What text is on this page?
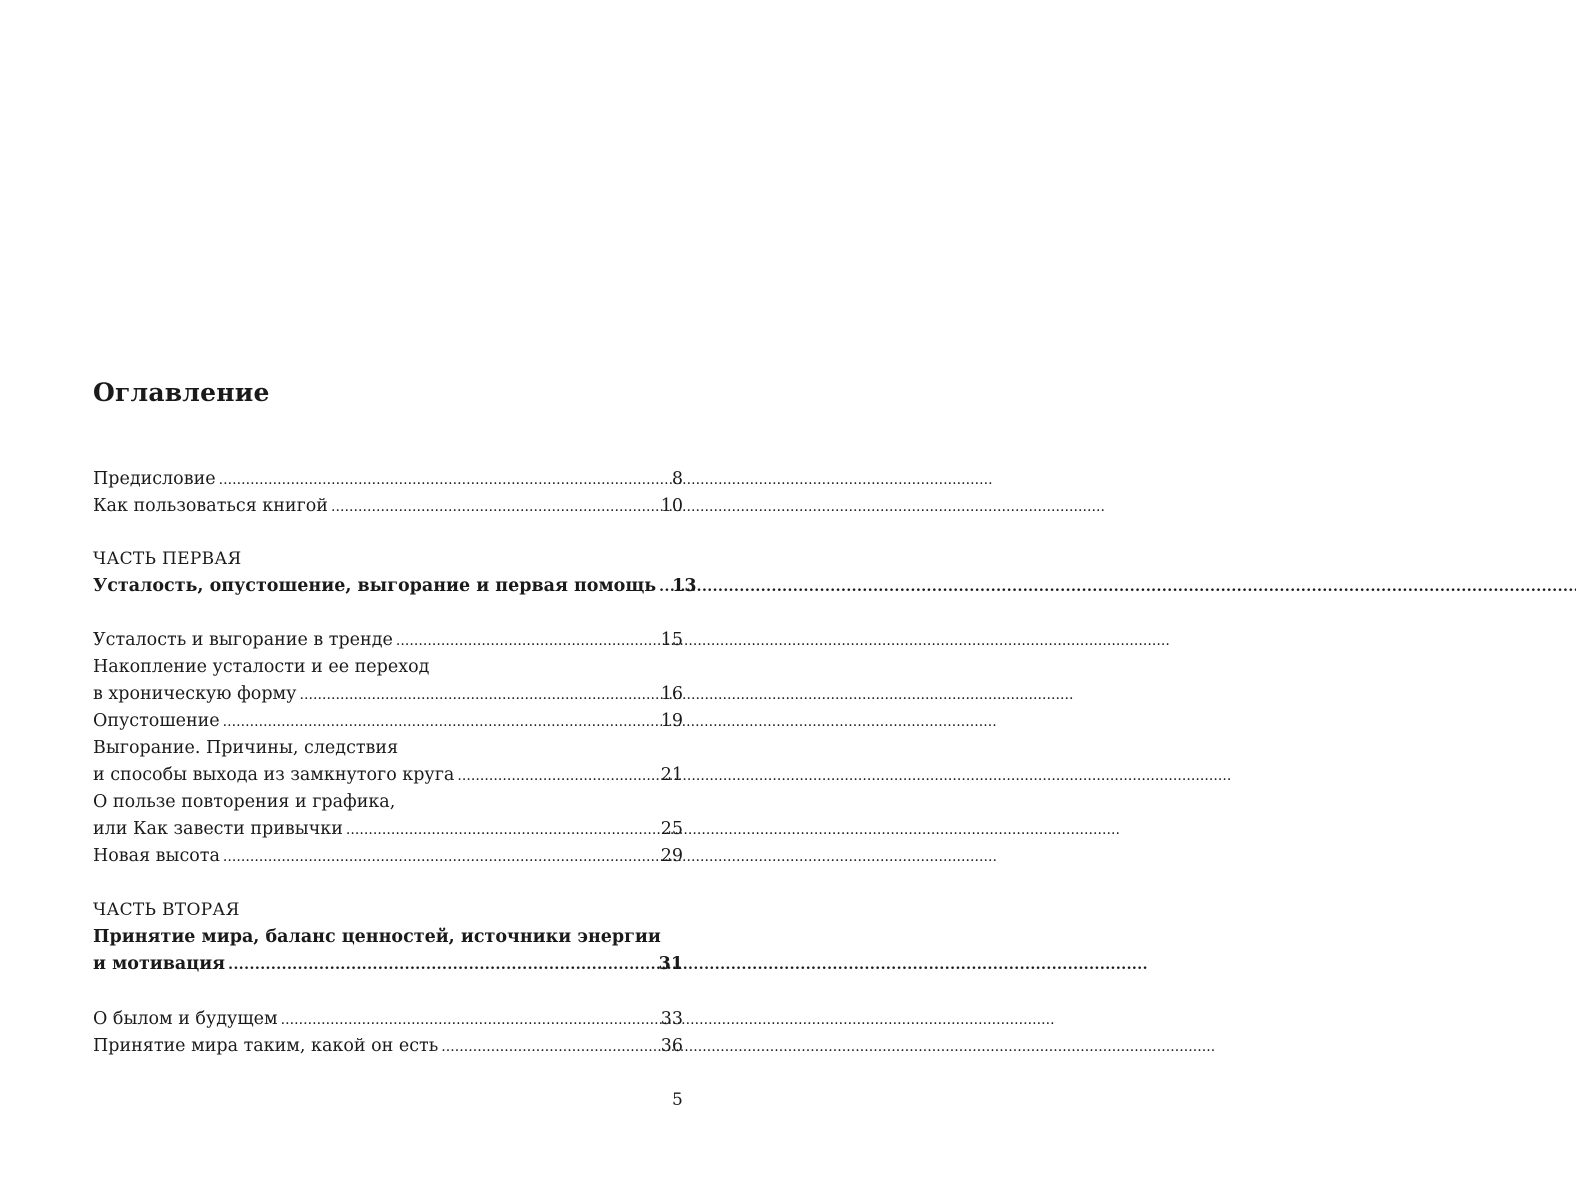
Оглавление
Предисловие . . .	8
Как пользоваться книгой . . .	10
ЧАСТЬ ПЕРВАЯ
Усталость, опустошение, выгорание и первая помощь . . . 13
Усталость и выгорание в тренде . . .	15
Накопление усталости и ее переход
в хроническую форму . . .	16
Опустошение . . .	19
Выгорание. Причины, следствия
и способы выхода из замкнутого круга . . .	21
О пользе повторения и графика,
или Как завести привычки . . .	25
Новая высота . . .	29
ЧАСТЬ ВТОРАЯ
Принятие мира, баланс ценностей, источники энергии
и мотивация . . .	31
О былом и будущем . . .	33
Принятие мира таким, какой он есть . . .	36
5
